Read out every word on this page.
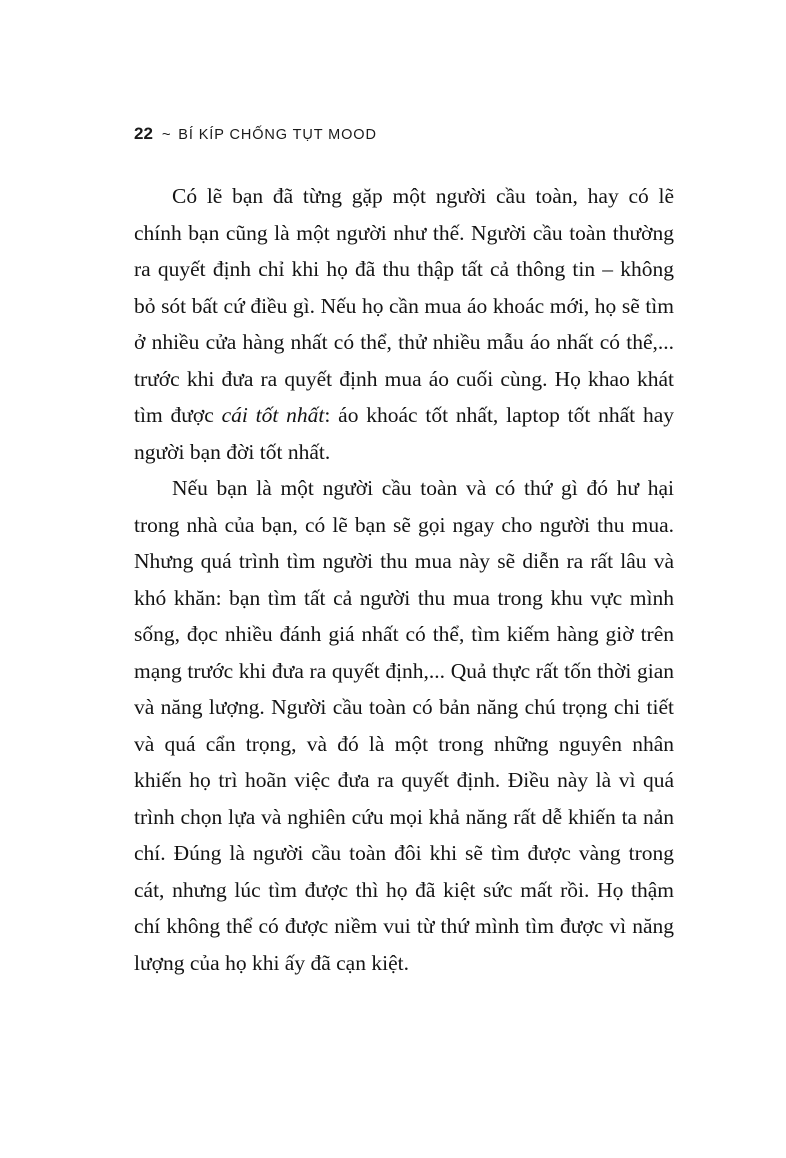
22 ~ BÍ KÍP CHỐNG TỤT MOOD

Có lẽ bạn đã từng gặp một người cầu toàn, hay có lẽ chính bạn cũng là một người như thế. Người cầu toàn thường ra quyết định chỉ khi họ đã thu thập tất cả thông tin – không bỏ sót bất cứ điều gì. Nếu họ cần mua áo khoác mới, họ sẽ tìm ở nhiều cửa hàng nhất có thể, thử nhiều mẫu áo nhất có thể,... trước khi đưa ra quyết định mua áo cuối cùng. Họ khao khát tìm được cái tốt nhất: áo khoác tốt nhất, laptop tốt nhất hay người bạn đời tốt nhất.

Nếu bạn là một người cầu toàn và có thứ gì đó hư hại trong nhà của bạn, có lẽ bạn sẽ gọi ngay cho người thu mua. Nhưng quá trình tìm người thu mua này sẽ diễn ra rất lâu và khó khăn: bạn tìm tất cả người thu mua trong khu vực mình sống, đọc nhiều đánh giá nhất có thể, tìm kiếm hàng giờ trên mạng trước khi đưa ra quyết định,... Quả thực rất tốn thời gian và năng lượng. Người cầu toàn có bản năng chú trọng chi tiết và quá cẩn trọng, và đó là một trong những nguyên nhân khiến họ trì hoãn việc đưa ra quyết định. Điều này là vì quá trình chọn lựa và nghiên cứu mọi khả năng rất dễ khiến ta nản chí. Đúng là người cầu toàn đôi khi sẽ tìm được vàng trong cát, nhưng lúc tìm được thì họ đã kiệt sức mất rồi. Họ thậm chí không thể có được niềm vui từ thứ mình tìm được vì năng lượng của họ khi ấy đã cạn kiệt.
